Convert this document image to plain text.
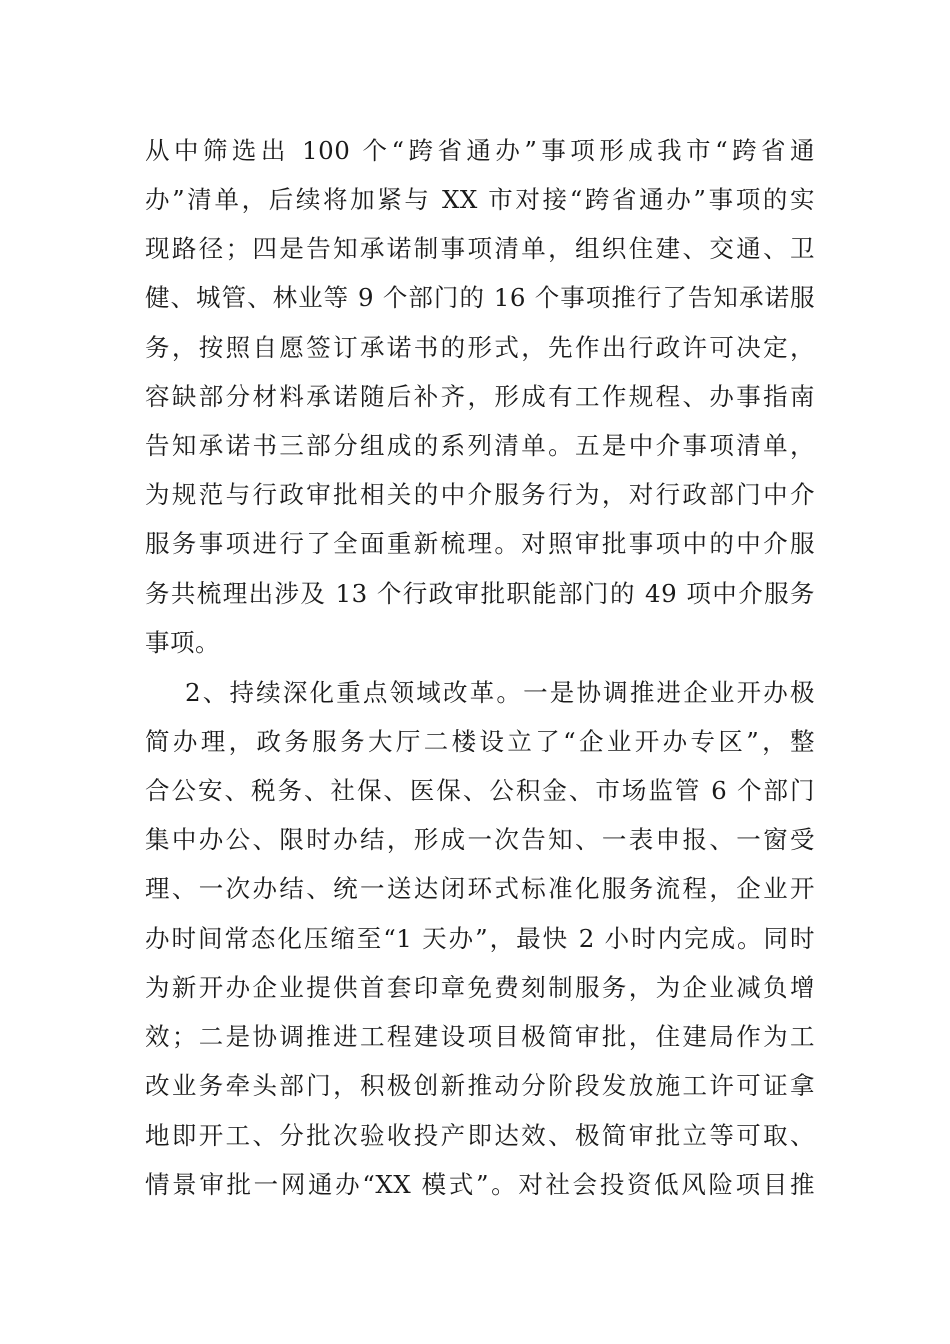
从中筛选出 100 个“跨省通办”事项形成我市“跨省通
办”清单，后续将加紧与 XX 市对接“跨省通办”事项的实
现路径；四是告知承诺制事项清单，组织住建、交通、卫
健、城管、林业等 9 个部门的 16 个事项推行了告知承诺服
务，按照自愿签订承诺书的形式，先作出行政许可决定，
容缺部分材料承诺随后补齐，形成有工作规程、办事指南
告知承诺书三部分组成的系列清单。五是中介事项清单，
为规范与行政审批相关的中介服务行为，对行政部门中介
服务事项进行了全面重新梳理。对照审批事项中的中介服
务共梳理出涉及 13 个行政审批职能部门的 49 项中介服务
事项。
2、持续深化重点领域改革。一是协调推进企业开办极
简办理，政务服务大厅二楼设立了“企业开办专区”，整
合公安、税务、社保、医保、公积金、市场监管 6 个部门
集中办公、限时办结，形成一次告知、一表申报、一窗受
理、一次办结、统一送达闭环式标准化服务流程，企业开
办时间常态化压缩至“1 天办”，最快 2 小时内完成。同时
为新开办企业提供首套印章免费刻制服务，为企业减负增
效；二是协调推进工程建设项目极简审批，住建局作为工
改业务牵头部门，积极创新推动分阶段发放施工许可证拿
地即开工、分批次验收投产即达效、极简审批立等可取、
情景审批一网通办“XX 模式”。对社会投资低风险项目推
